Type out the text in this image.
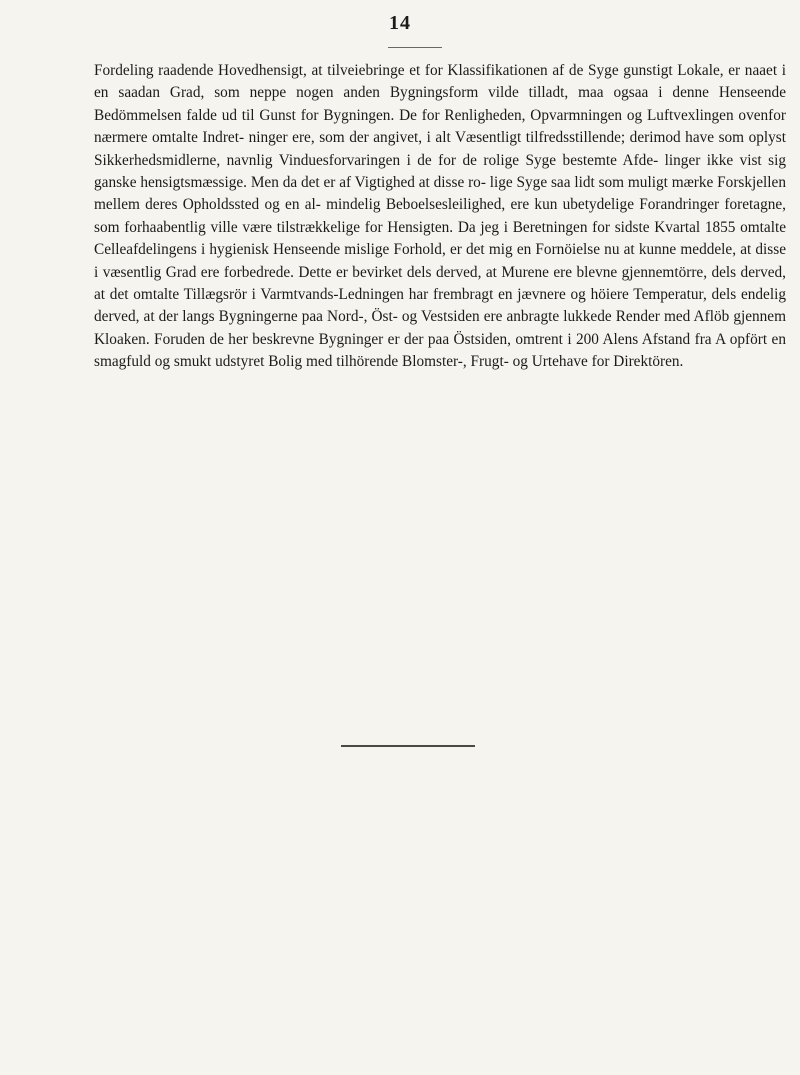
14

Fordeling raadende Hovedhensigt, at tilveiebringe et for Klassifikationen af de Syge gunstigt Lokale, er naaet i en saadan Grad, som neppe nogen anden Bygningsform vilde tilladt, maa ogsaa i denne Henseende Bedömmelsen falde ud til Gunst for Bygningen. De for Renligheden, Opvarmningen og Luftvexlingen ovenfor nærmere omtalte Indret- ninger ere, som der angivet, i alt Væsentligt tilfredsstillende; derimod have som oplyst Sikkerhedsmidlerne, navnlig Vinduesforvaringen i de for de rolige Syge bestemte Afde- linger ikke vist sig ganske hensigtsmæssige. Men da det er af Vigtighed at disse ro- lige Syge saa lidt som muligt mærke Forskjellen mellem deres Opholdssted og en al- mindelig Beboelsesleilighed, ere kun ubetydelige Forandringer foretagne, som forhaabentlig ville være tilstrækkelige for Hensigten. Da jeg i Beretningen for sidste Kvartal 1855 omtalte Celleafdelingens i hygienisk Henseende mislige Forhold, er det mig en Fornöielse nu at kunne meddele, at disse i væsentlig Grad ere forbedrede. Dette er bevirket dels derved, at Murene ere blevne gjennemtörre, dels derved, at det omtalte Tillægsrör i Varmtvands-Ledningen har frembragt en jævnere og höiere Temperatur, dels endelig derved, at der langs Bygningerne paa Nord-, Öst- og Vestsiden ere anbragte lukkede Render med Aflöb gjennem Kloaken. Foruden de her beskrevne Bygninger er der paa Östsiden, omtrent i 200 Alens Afstand fra A opfört en smagfuld og smukt udstyret Bolig med tilhörende Blomster-, Frugt- og Urtehave for Direktören.
